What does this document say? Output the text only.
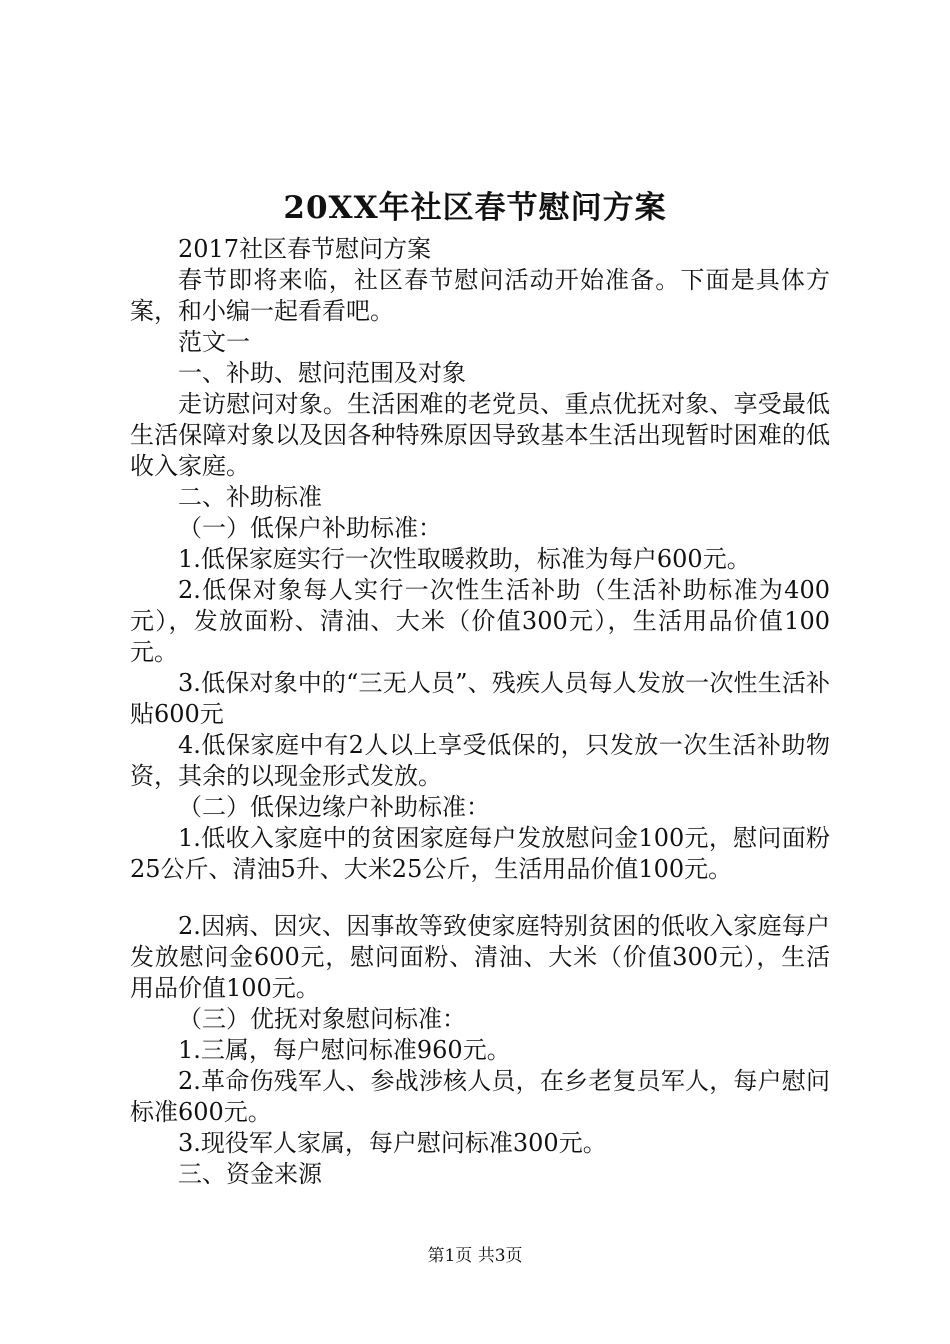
20XX年社区春节慰问方案

2017社区春节慰问方案

春节即将来临，社区春节慰问活动开始准备。下面是具体方案，和小编一起看看吧。

范文一

一、补助、慰问范围及对象

走访慰问对象。生活困难的老党员、重点优抚对象、享受最低生活保障对象以及因各种特殊原因导致基本生活出现暂时困难的低收入家庭。

二、补助标准

（一）低保户补助标准：

1.低保家庭实行一次性取暖救助，标准为每户600元。

2.低保对象每人实行一次性生活补助（生活补助标准为400元），发放面粉、清油、大米（价值300元），生活用品价值100元。

3.低保对象中的“三无人员”、残疾人员每人发放一次性生活补贴600元

4.低保家庭中有2人以上享受低保的，只发放一次生活补助物资，其余的以现金形式发放。

（二）低保边缘户补助标准：

1.低收入家庭中的贫困家庭每户发放慰问金100元，慰问面粉25公斤、清油5升、大米25公斤，生活用品价值100元。

2.因病、因灾、因事故等致使家庭特别贫困的低收入家庭每户发放慰问金600元，慰问面粉、清油、大米（价值300元），生活用品价值100元。

（三）优抚对象慰问标准：

1.三属，每户慰问标准960元。

2.革命伤残军人、参战涉核人员，在乡老复员军人，每户慰问标准600元。

3.现役军人家属，每户慰问标准300元。

三、资金来源

第1页 共3页
